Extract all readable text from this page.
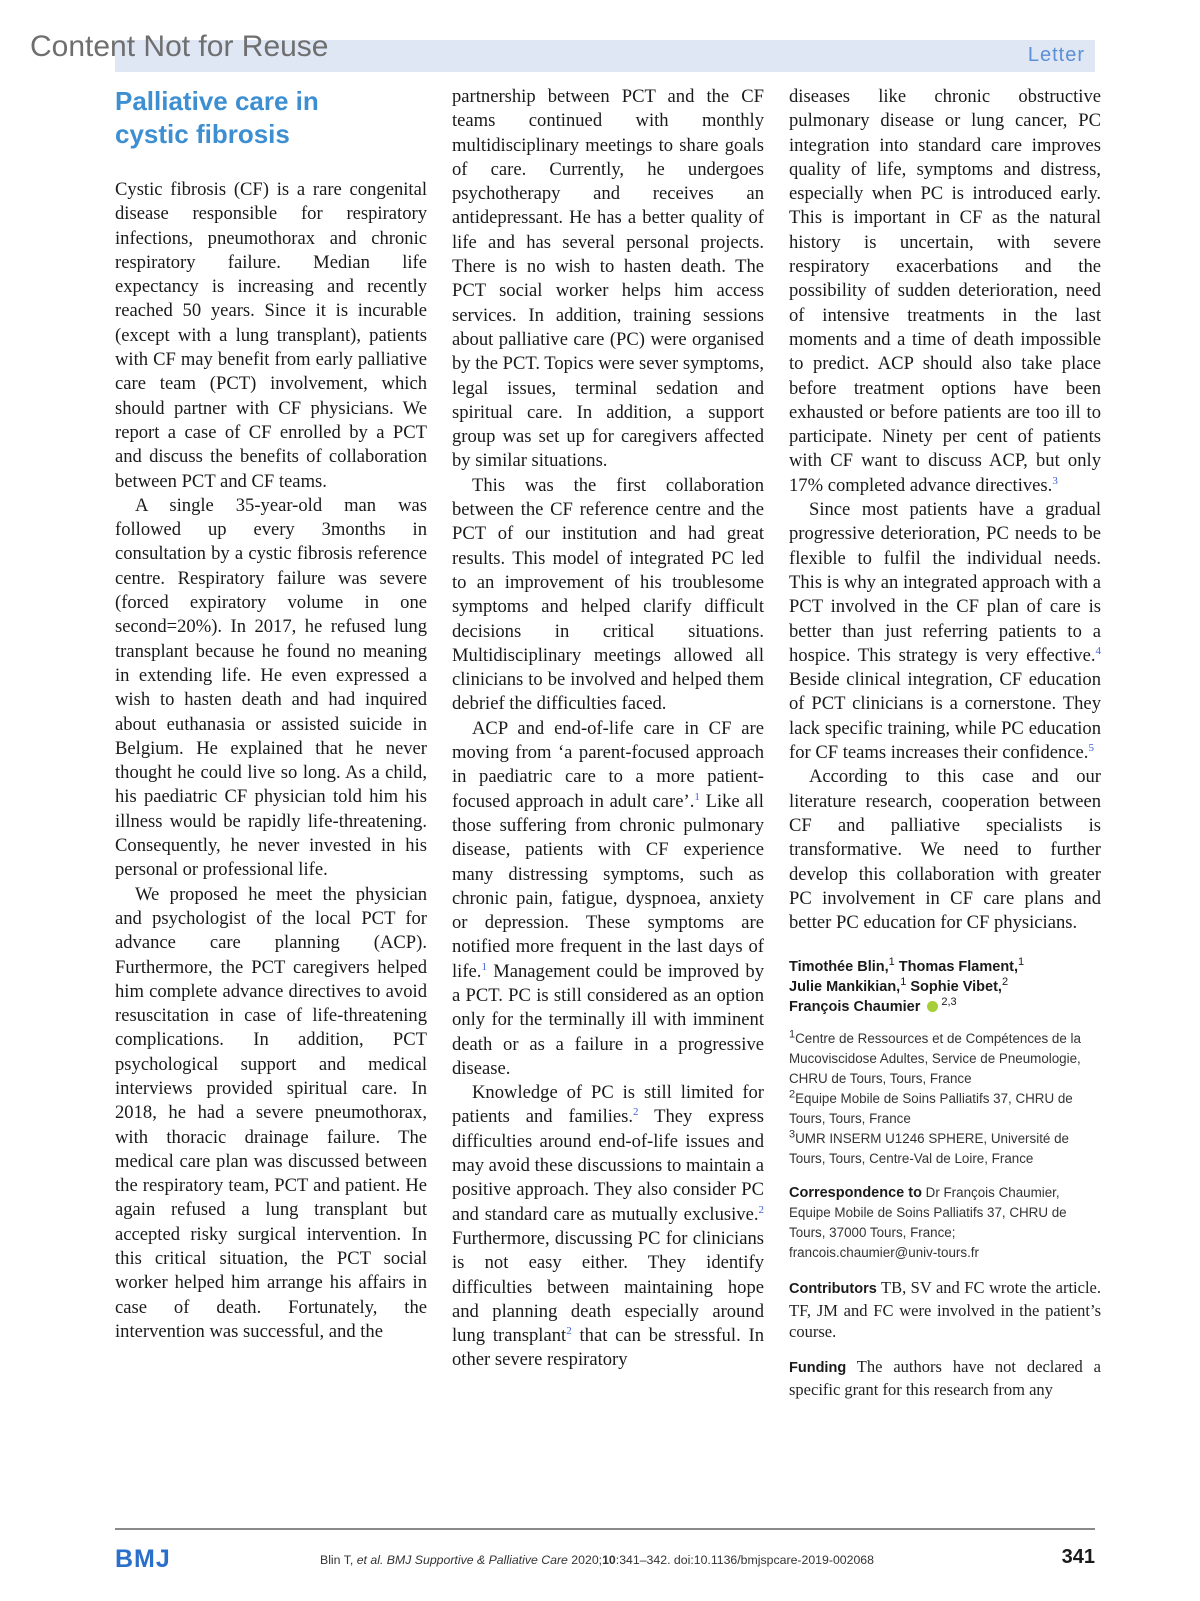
Content Not for Reuse	Letter
Palliative care in
cystic fibrosis

Cystic fibrosis (CF) is a rare congenital disease responsible for respiratory infections, pneumothorax and chronic respiratory failure. Median life expectancy is increasing and recently reached 50 years. Since it is incurable (except with a lung transplant), patients with CF may benefit from early palliative care team (PCT) involvement, which should partner with CF physicians. We report a case of CF enrolled by a PCT and discuss the benefits of collaboration between PCT and CF teams.

A single 35-year-old man was followed up every 3months in consultation by a cystic fibrosis reference centre. Respiratory failure was severe (forced expiratory volume in one second=20%). In 2017, he refused lung transplant because he found no meaning in extending life. He even expressed a wish to hasten death and had inquired about euthanasia or assisted suicide in Belgium. He explained that he never thought he could live so long. As a child, his paediatric CF physician told him his illness would be rapidly life-threatening. Consequently, he never invested in his personal or professional life.

We proposed he meet the physician and psychologist of the local PCT for advance care planning (ACP). Furthermore, the PCT caregivers helped him complete advance directives to avoid resuscitation in case of life-threatening complications. In addition, PCT psychological support and medical interviews provided spiritual care. In 2018, he had a severe pneumothorax, with thoracic drainage failure. The medical care plan was discussed between the respiratory team, PCT and patient. He again refused a lung transplant but accepted risky surgical intervention. In this critical situation, the PCT social worker helped him arrange his affairs in case of death. Fortunately, the intervention was successful, and the

partnership between PCT and the CF teams continued with monthly multidisciplinary meetings to share goals of care. Currently, he undergoes psychotherapy and receives an antidepressant. He has a better quality of life and has several personal projects. There is no wish to hasten death. The PCT social worker helps him access services. In addition, training sessions about palliative care (PC) were organised by the PCT. Topics were sever symptoms, legal issues, terminal sedation and spiritual care. In addition, a support group was set up for caregivers affected by similar situations.

This was the first collaboration between the CF reference centre and the PCT of our institution and had great results. This model of integrated PC led to an improvement of his troublesome symptoms and helped clarify difficult decisions in critical situations. Multidisciplinary meetings allowed all clinicians to be involved and helped them debrief the difficulties faced.

ACP and end-of-life care in CF are moving from ‘a parent-focused approach in paediatric care to a more patient-focused approach in adult care’.$^1$ Like all those suffering from chronic pulmonary disease, patients with CF experience many distressing symptoms, such as chronic pain, fatigue, dyspnoea, anxiety or depression. These symptoms are notified more frequent in the last days of life.$^1$ Management could be improved by a PCT. PC is still considered as an option only for the terminally ill with imminent death or as a failure in a progressive disease.

Knowledge of PC is still limited for patients and families.$^2$ They express difficulties around end-of-life issues and may avoid these discussions to maintain a positive approach. They also consider PC and standard care as mutually exclusive.$^2$ Furthermore, discussing PC for clinicians is not easy either. They identify difficulties between maintaining hope and planning death especially around lung transplant$^2$ that can be stressful. In other severe respiratory

diseases like chronic obstructive pulmonary disease or lung cancer, PC integration into standard care improves quality of life, symptoms and distress, especially when PC is introduced early. This is important in CF as the natural history is uncertain, with severe respiratory exacerbations and the possibility of sudden deterioration, need of intensive treatments in the last moments and a time of death impossible to predict. ACP should also take place before treatment options have been exhausted or before patients are too ill to participate. Ninety per cent of patients with CF want to discuss ACP, but only 17% completed advance directives.$^3$

Since most patients have a gradual progressive deterioration, PC needs to be flexible to fulfil the individual needs. This is why an integrated approach with a PCT involved in the CF plan of care is better than just referring patients to a hospice. This strategy is very effective.$^4$ Beside clinical integration, CF education of PCT clinicians is a cornerstone. They lack specific training, while PC education for CF teams increases their confidence.$^5$

According to this case and our literature research, cooperation between CF and palliative specialists is transformative. We need to further develop this collaboration with greater PC involvement in CF care plans and better PC education for CF physicians.

Timothée Blin,$^1$ Thomas Flament,$^1$
Julie Mankikian,$^1$ Sophie Vibet,$^2$
François Chaumier $^{2,3}$
$^1$Centre de Ressources et de Compétences de la Mucoviscidose Adultes, Service de Pneumologie, CHRU de Tours, Tours, France
$^2$Equipe Mobile de Soins Palliatifs 37, CHRU de Tours, Tours, France
$^3$UMR INSERM U1246 SPHERE, Université de Tours, Tours, Centre-Val de Loire, France
Correspondence to Dr François Chaumier, Equipe Mobile de Soins Palliatifs 37, CHRU de Tours, 37000 Tours, France; francois.chaumier@univ-tours.fr
Contributors TB, SV and FC wrote the article. TF, JM and FC were involved in the patient’s course.
Funding The authors have not declared a specific grant for this research from any
BMJ	Blin T, et al. BMJ Supportive & Palliative Care 2020;10:341–342. doi:10.1136/bmjspcare-2019-002068	341
